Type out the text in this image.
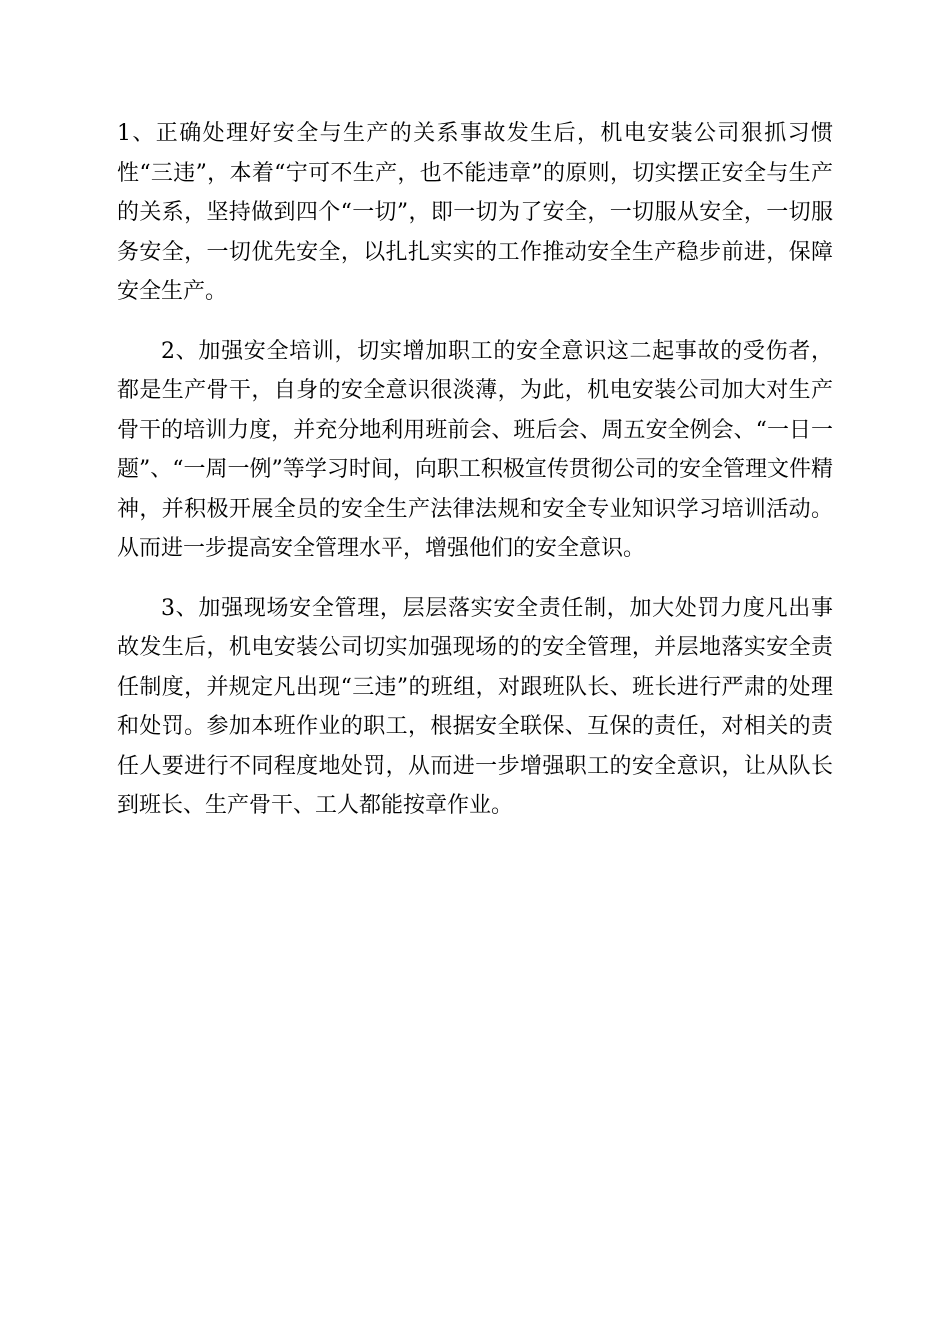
1、正确处理好安全与生产的关系事故发生后，机电安装公司狠抓习惯性“三违”，本着“宁可不生产，也不能违章”的原则，切实摆正安全与生产的关系，坚持做到四个“一切”，即一切为了安全，一切服从安全，一切服务安全，一切优先安全，以扎扎实实的工作推动安全生产稳步前进，保障安全生产。

2、加强安全培训，切实增加职工的安全意识这二起事故的受伤者，都是生产骨干，自身的安全意识很淡薄，为此，机电安装公司加大对生产骨干的培训力度，并充分地利用班前会、班后会、周五安全例会、“一日一题”、“一周一例”等学习时间，向职工积极宣传贯彻公司的安全管理文件精神，并积极开展全员的安全生产法律法规和安全专业知识学习培训活动。从而进一步提高安全管理水平，增强他们的安全意识。

3、加强现场安全管理，层层落实安全责任制，加大处罚力度凡出事故发生后，机电安装公司切实加强现场的的安全管理，并层地落实安全责任制度，并规定凡出现“三违”的班组，对跟班队长、班长进行严肃的处理和处罚。参加本班作业的职工，根据安全联保、互保的责任，对相关的责任人要进行不同程度地处罚，从而进一步增强职工的安全意识，让从队长到班长、生产骨干、工人都能按章作业。
